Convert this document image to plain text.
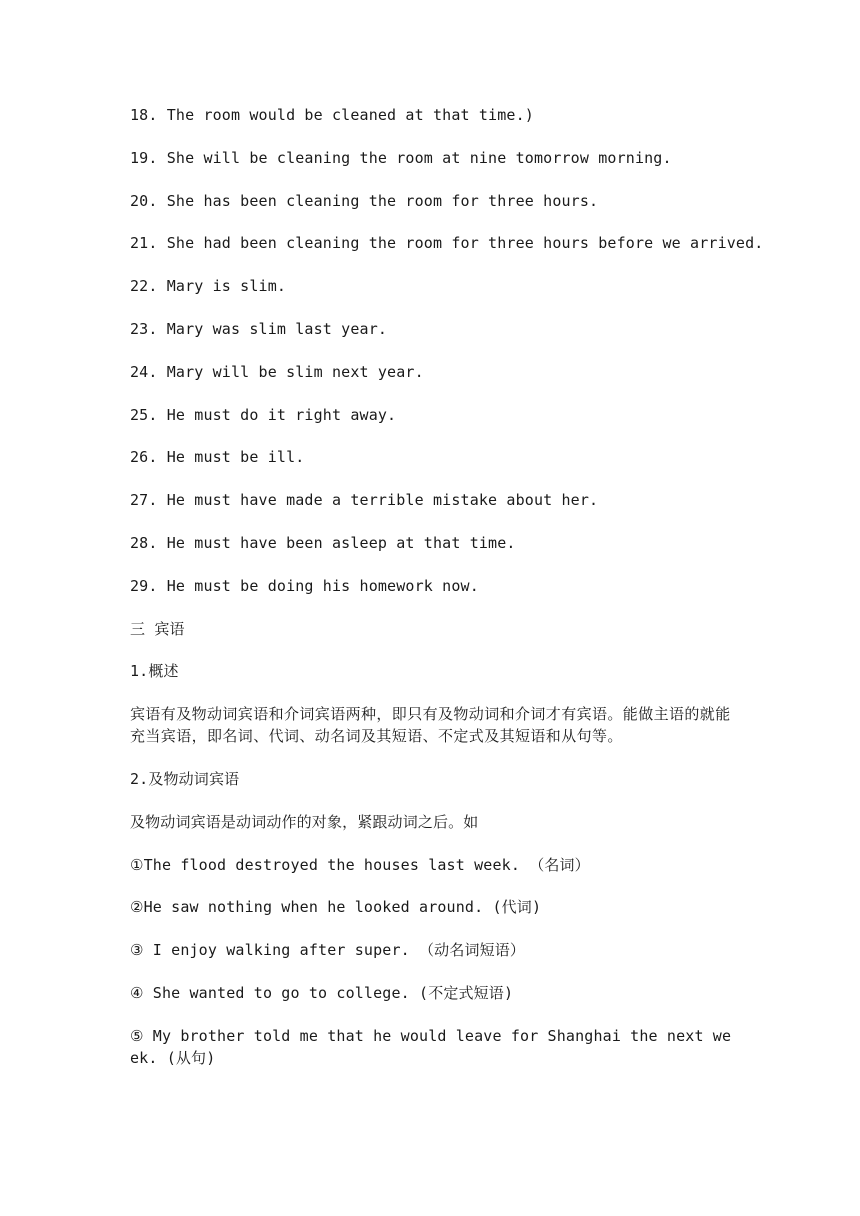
18. The room would be cleaned at that time.)
19. She will be cleaning the room at nine tomorrow morning.
20. She has been cleaning the room for three hours.
21. She had been cleaning the room for three hours before we arrived.
22. Mary is slim.
23. Mary was slim last year.
24. Mary will be slim next year.
25. He must do it right away.
26. He must be ill.
27. He must have made a terrible mistake about her.
28. He must have been asleep at that time.
29. He must be doing his homework now.
三 宾语
1.概述
宾语有及物动词宾语和介词宾语两种，即只有及物动词和介词才有宾语。能做主语的就能充当宾语，即名词、代词、动名词及其短语、不定式及其短语和从句等。
2.及物动词宾语
及物动词宾语是动词动作的对象，紧跟动词之后。如
①The flood destroyed the houses last week. （名词）
②He saw nothing when he looked around. (代词)
③ I enjoy walking after super. （动名词短语）
④ She wanted to go to college. (不定式短语)
⑤ My brother told me that he would leave for Shanghai the next week. (从句)
